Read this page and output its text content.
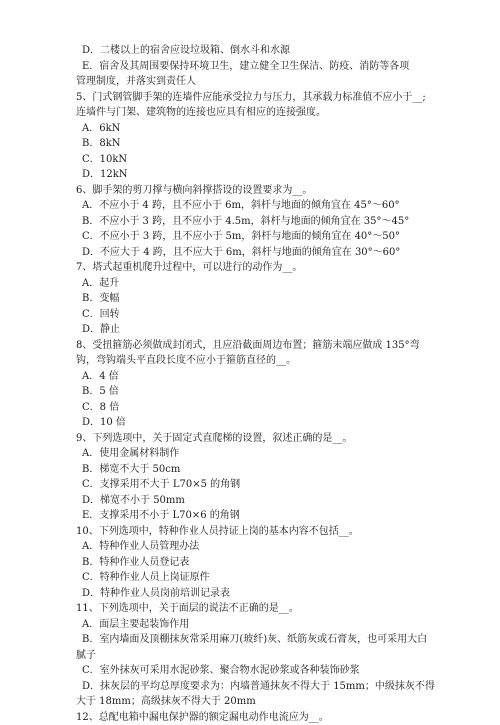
D．二楼以上的宿舍应设垃圾箱、倒水斗和水源
E．宿舍及其周围要保持环境卫生，建立健全卫生保洁、防疫、消防等各项
管理制度，并落实到责任人
5、门式钢管脚手架的连墙件应能承受拉力与压力，其承载力标准值不应小于__;
连墙件与门架、建筑物的连接也应具有相应的连接强度。
A．6kN
B．8kN
C．10kN
D．12kN
6、脚手架的剪刀撑与横向斜撑搭设的设置要求为__。
A．不应小于 4 跨，且不应小于 6m，斜杆与地面的倾角宜在 45°～60°
B．不应小于 3 跨，且不应小于 4.5m，斜杆与地面的倾角宜在 35°～45°
C．不应小于 3 跨，且不应小于 5m，斜杆与地面的倾角宜在 40°～50°
D．不应大于 4 跨，且不应大于 6m，斜杆与地面的倾角宜在 30°～60°
7、塔式起重机爬升过程中，可以进行的动作为__。
A．起升
B．变幅
C．回转
D．静止
8、受扭箍筋必须做成封闭式，且应沿截面周边布置；箍筋末端应做成 135°弯
钩，弯钩端头平直段长度不应小于箍筋直径的__。
A．4 倍
B．5 倍
C．8 倍
D．10 倍
9、下列选项中，关于固定式直爬梯的设置，叙述正确的是__。
A．使用金属材料制作
B．梯宽不大于 50cm
C．支撑采用不大于 L70×5 的角钢
D．梯宽不小于 50mm
E．支撑采用不小于 L70×6 的角钢
10、下列选项中，特种作业人员持证上岗的基本内容不包括__。
A．特种作业人员管理办法
B．特种作业人员登记表
C．特种作业人员上岗证原件
D．特种作业人员岗前培训记录表
11、下列选项中，关于面层的说法不正确的是__。
A．面层主要起装饰作用
B．室内墙面及顶棚抹灰常采用麻刀(玻纤)灰、纸筋灰或石膏灰，也可采用大白
腻子
C．室外抹灰可采用水泥砂浆、聚合物水泥砂浆或各种装饰砂浆
D．抹灰层的平均总厚度要求为：内墙普通抹灰不得大于 15mm；中级抹灰不得
大于 18mm；高级抹灰不得大于 20mm
12、总配电箱中漏电保护器的额定漏电动作电流应为__。
